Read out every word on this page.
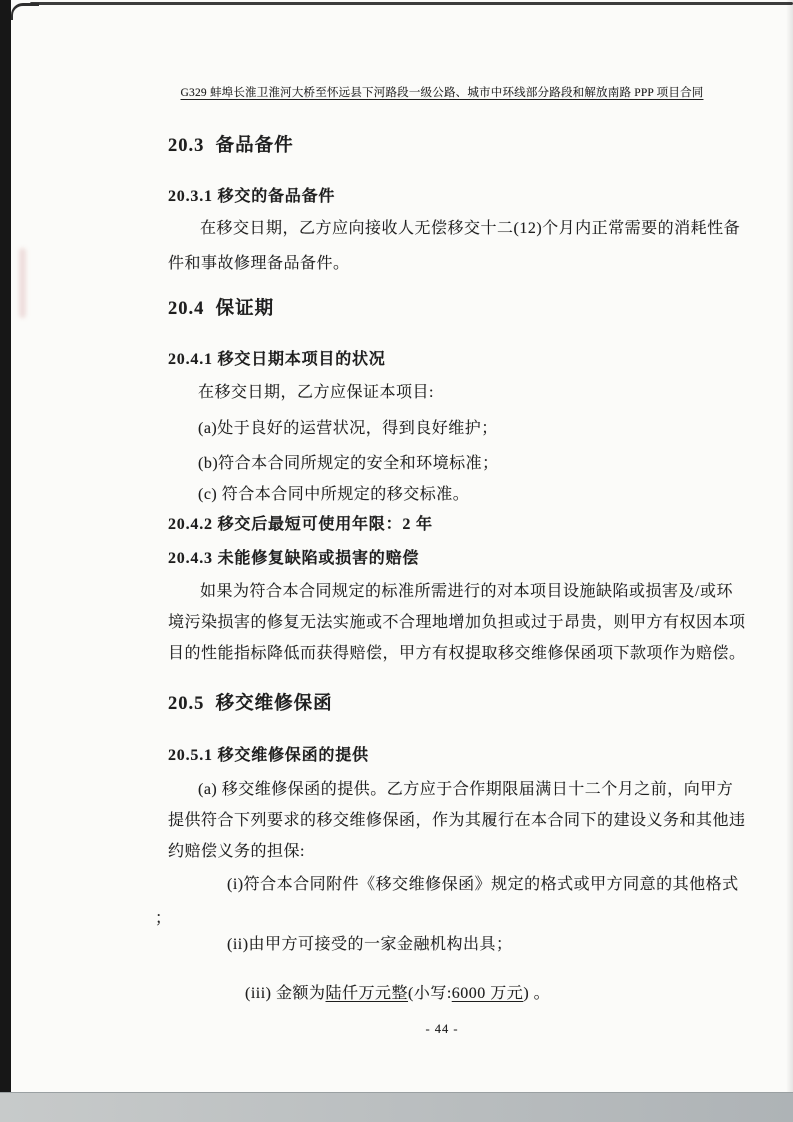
G329 蚌埠长淮卫淮河大桥至怀远县下河路段一级公路、城市中环线部分路段和解放南路 PPP 项目合同
20.3  备品备件
20.3.1 移交的备品备件
在移交日期，乙方应向接收人无偿移交十二(12)个月内正常需要的消耗性备
件和事故修理备品备件。
20.4  保证期
20.4.1 移交日期本项目的状况
在移交日期，乙方应保证本项目:
(a)处于良好的运营状况，得到良好维护；
(b)符合本合同所规定的安全和环境标准；
(c) 符合本合同中所规定的移交标准。
20.4.2 移交后最短可使用年限：2 年
20.4.3 未能修复缺陷或损害的赔偿
如果为符合本合同规定的标准所需进行的对本项目设施缺陷或损害及/或环
境污染损害的修复无法实施或不合理地增加负担或过于昂贵，则甲方有权因本项
目的性能指标降低而获得赔偿，甲方有权提取移交维修保函项下款项作为赔偿。
20.5  移交维修保函
20.5.1 移交维修保函的提供
(a) 移交维修保函的提供。乙方应于合作期限届满日十二个月之前，向甲方
提供符合下列要求的移交维修保函，作为其履行在本合同下的建设义务和其他违
约赔偿义务的担保:
(i)符合本合同附件《移交维修保函》规定的格式或甲方同意的其他格式
；
(ii)由甲方可接受的一家金融机构出具；

(iii) 金额为陆仟万元整(小写:6000 万元) 。

- 44 -
